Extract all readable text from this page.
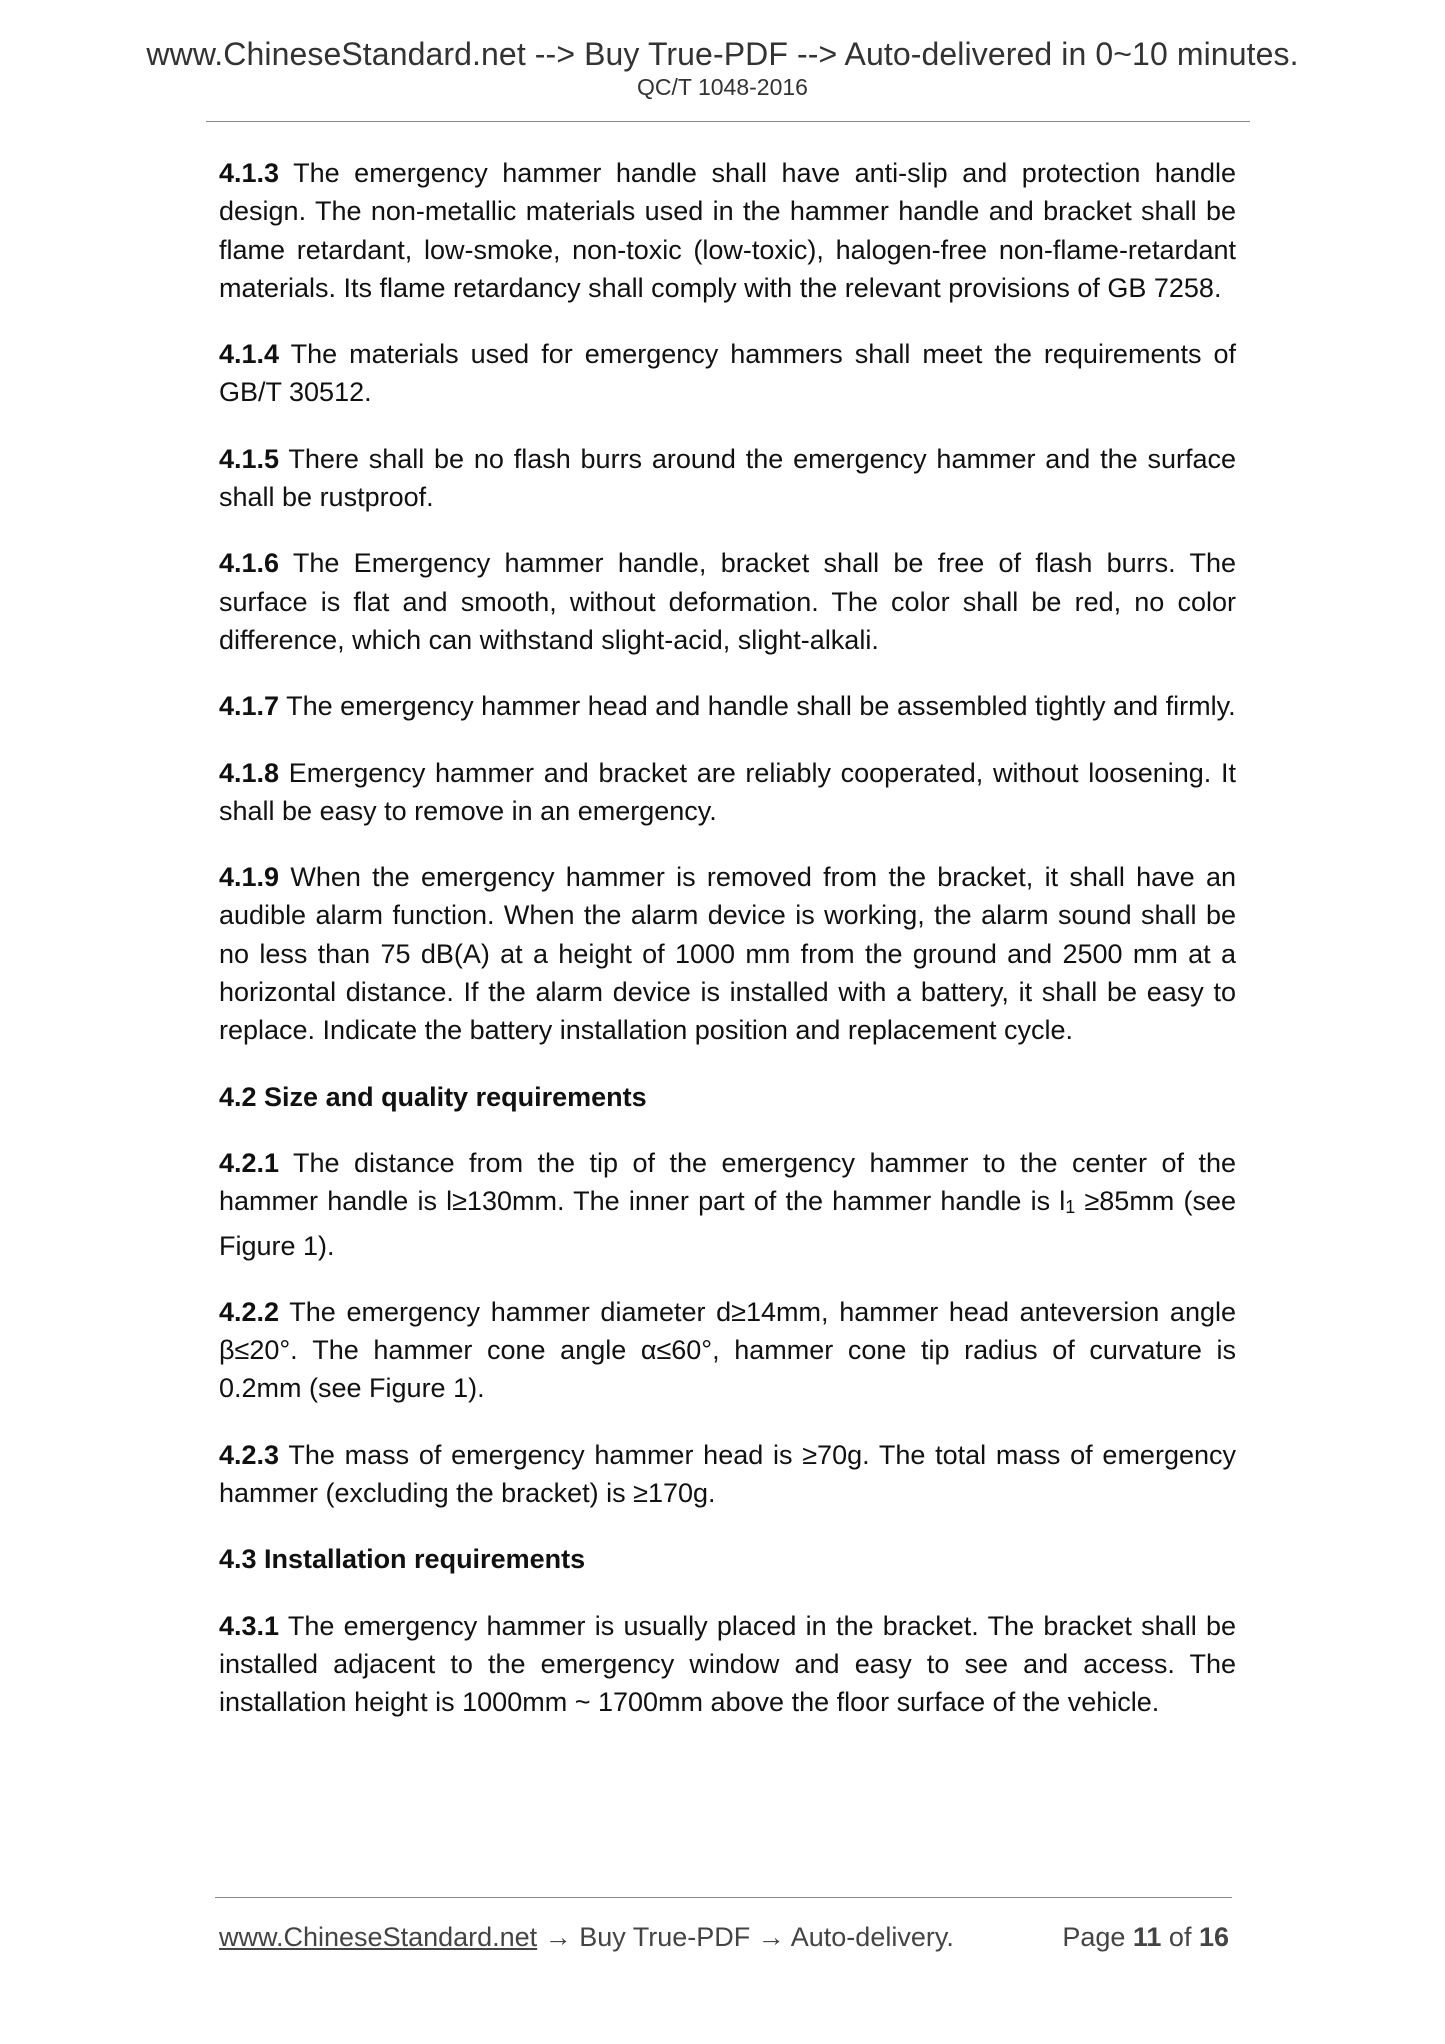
www.ChineseStandard.net --> Buy True-PDF --> Auto-delivered in 0~10 minutes.
QC/T 1048-2016

4.1.3 The emergency hammer handle shall have anti-slip and protection handle design. The non-metallic materials used in the hammer handle and bracket shall be flame retardant, low-smoke, non-toxic (low-toxic), halogen-free non-flame-retardant materials. Its flame retardancy shall comply with the relevant provisions of GB 7258.

4.1.4 The materials used for emergency hammers shall meet the requirements of GB/T 30512.

4.1.5 There shall be no flash burrs around the emergency hammer and the surface shall be rustproof.

4.1.6 The Emergency hammer handle, bracket shall be free of flash burrs. The surface is flat and smooth, without deformation. The color shall be red, no color difference, which can withstand slight-acid, slight-alkali.

4.1.7 The emergency hammer head and handle shall be assembled tightly and firmly.

4.1.8 Emergency hammer and bracket are reliably cooperated, without loosening. It shall be easy to remove in an emergency.

4.1.9 When the emergency hammer is removed from the bracket, it shall have an audible alarm function. When the alarm device is working, the alarm sound shall be no less than 75 dB(A) at a height of 1000 mm from the ground and 2500 mm at a horizontal distance. If the alarm device is installed with a battery, it shall be easy to replace. Indicate the battery installation position and replacement cycle.

4.2 Size and quality requirements

4.2.1 The distance from the tip of the emergency hammer to the center of the hammer handle is l≥130mm. The inner part of the hammer handle is l1 ≥85mm (see Figure 1).

4.2.2 The emergency hammer diameter d≥14mm, hammer head anteversion angle β≤20°. The hammer cone angle α≤60°, hammer cone tip radius of curvature is 0.2mm (see Figure 1).

4.2.3 The mass of emergency hammer head is ≥70g. The total mass of emergency hammer (excluding the bracket) is ≥170g.

4.3 Installation requirements

4.3.1 The emergency hammer is usually placed in the bracket. The bracket shall be installed adjacent to the emergency window and easy to see and access. The installation height is 1000mm ~ 1700mm above the floor surface of the vehicle.

www.ChineseStandard.net → Buy True-PDF → Auto-delivery.	Page 11 of 16
